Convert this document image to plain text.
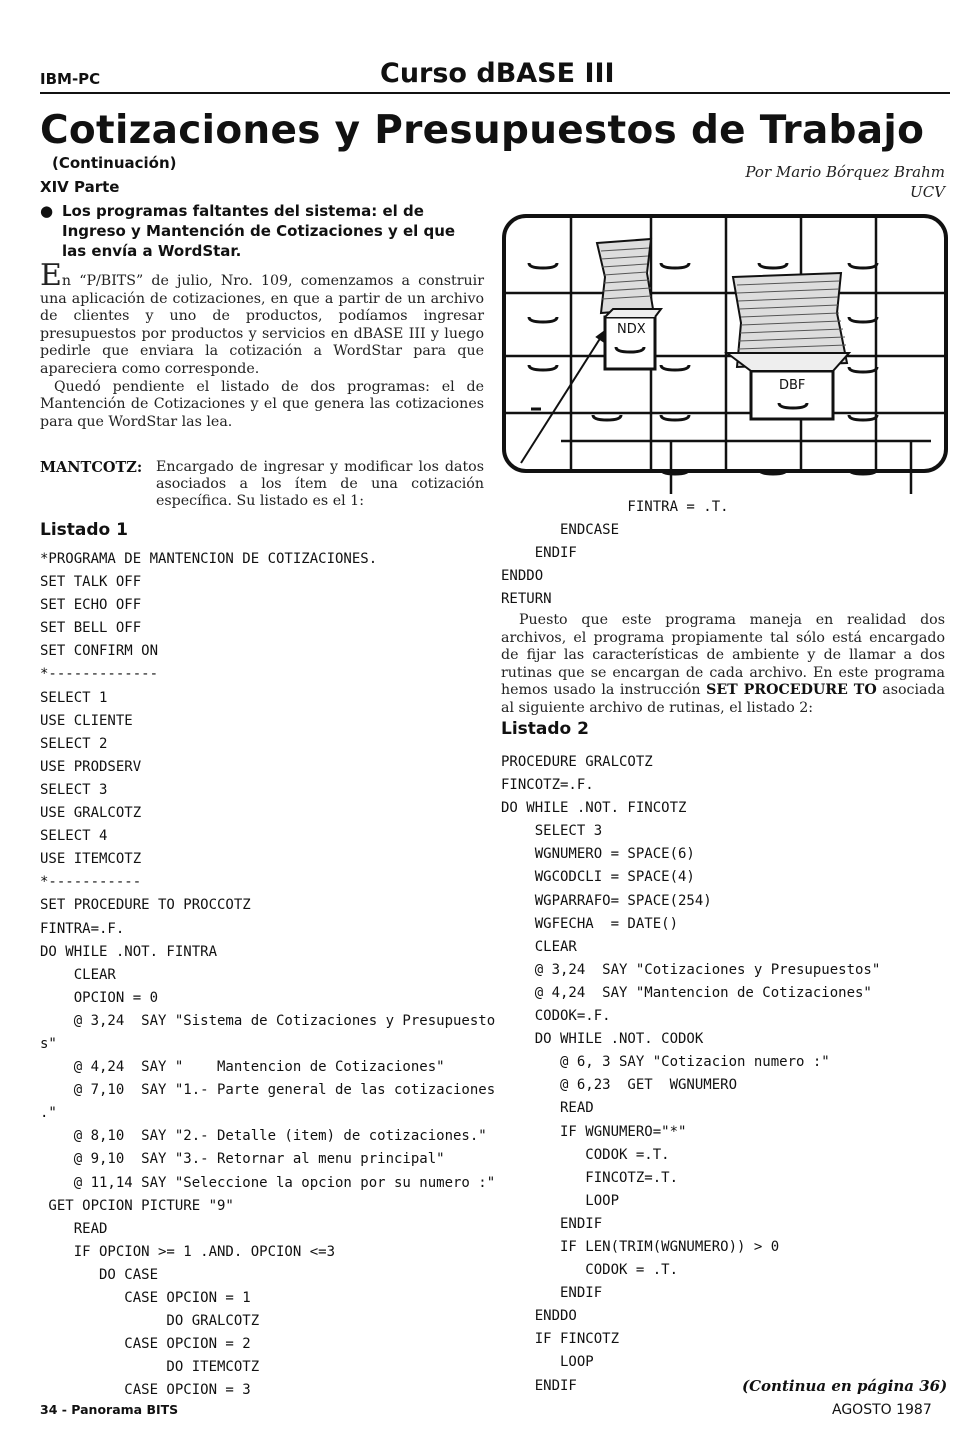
IBM-PC	Curso dBASE III
Cotizaciones y Presupuestos de Trabajo
(Continuación)
XIV Parte
● Los programas faltantes del sistema: el de Ingreso y Mantención de Cotizaciones y el que las envía a WordStar.
Por Mario Bórquez Brahm
UCV

En “P/BITS” de julio, Nro. 109, comenzamos a construir una aplicación de cotizaciones, en que a partir de un archivo de clientes y uno de productos, podíamos ingresar presupuestos por productos y servicios en dBASE III y luego pedirle que enviara la cotización a WordStar para que apareciera como corresponde.

Quedó pendiente el listado de dos programas: el de Mantención de Cotizaciones y el que genera las cotizaciones para que WordStar las lea.

MANTCOTZ: Encargado de ingresar y modificar los datos asociados a los ítem de una cotización específica. Su listado es el 1:
Listado 1
*PROGRAMA DE MANTENCION DE COTIZACIONES.
SET TALK OFF
SET ECHO OFF
SET BELL OFF
SET CONFIRM ON
*-------------
SELECT 1
USE CLIENTE
SELECT 2
USE PRODSERV
SELECT 3
USE GRALCOTZ
SELECT 4
USE ITEMCOTZ
*-----------
SET PROCEDURE TO PROCCOTZ
FINTRA=.F.
DO WHILE .NOT. FINTRA
CLEAR
OPCION = 0
@ 3,24  SAY "Sistema de Cotizaciones y Presupuesto
s"
@ 4,24  SAY "    Mantencion de Cotizaciones"
@ 7,10  SAY "1.- Parte general de las cotizaciones
."
@ 8,10  SAY "2.- Detalle (item) de cotizaciones."
@ 9,10  SAY "3.- Retornar al menu principal"
@ 11,14 SAY "Seleccione la opcion por su numero :"
GET OPCION PICTURE "9"
READ
IF OPCION >= 1 .AND. OPCION <=3
DO CASE
CASE OPCION = 1
DO GRALCOTZ
CASE OPCION = 2
DO ITEMCOTZ
CASE OPCION = 3
NDX
DBF
FINTRA = .T.
ENDCASE
ENDIF
ENDDO
RETURN

Puesto que este programa maneja en realidad dos archivos, el programa propiamente tal sólo está encargado de fijar las características de ambiente y de llamar a dos rutinas que se encargan de cada archivo. En este programa hemos usado la instrucción SET PROCEDURE TO asociada al siguiente archivo de rutinas, el listado 2:

Listado 2
PROCEDURE GRALCOTZ
FINCOTZ=.F.
DO WHILE .NOT. FINCOTZ
SELECT 3
WGNUMERO = SPACE(6)
WGCODCLI = SPACE(4)
WGPARRAFO= SPACE(254)
WGFECHA  = DATE()
CLEAR
@ 3,24  SAY "Cotizaciones y Presupuestos"
@ 4,24  SAY "Mantencion de Cotizaciones"
CODOK=.F.
DO WHILE .NOT. CODOK
@ 6, 3 SAY "Cotizacion numero :"
@ 6,23  GET  WGNUMERO
READ
IF WGNUMERO="*"
CODOK =.T.
FINCOTZ=.T.
LOOP
ENDIF
IF LEN(TRIM(WGNUMERO)) > 0
CODOK = .T.
ENDIF
ENDDO
IF FINCOTZ
LOOP
ENDIF
34 - Panorama BITS
(Continua en página 36)
AGOSTO 1987
